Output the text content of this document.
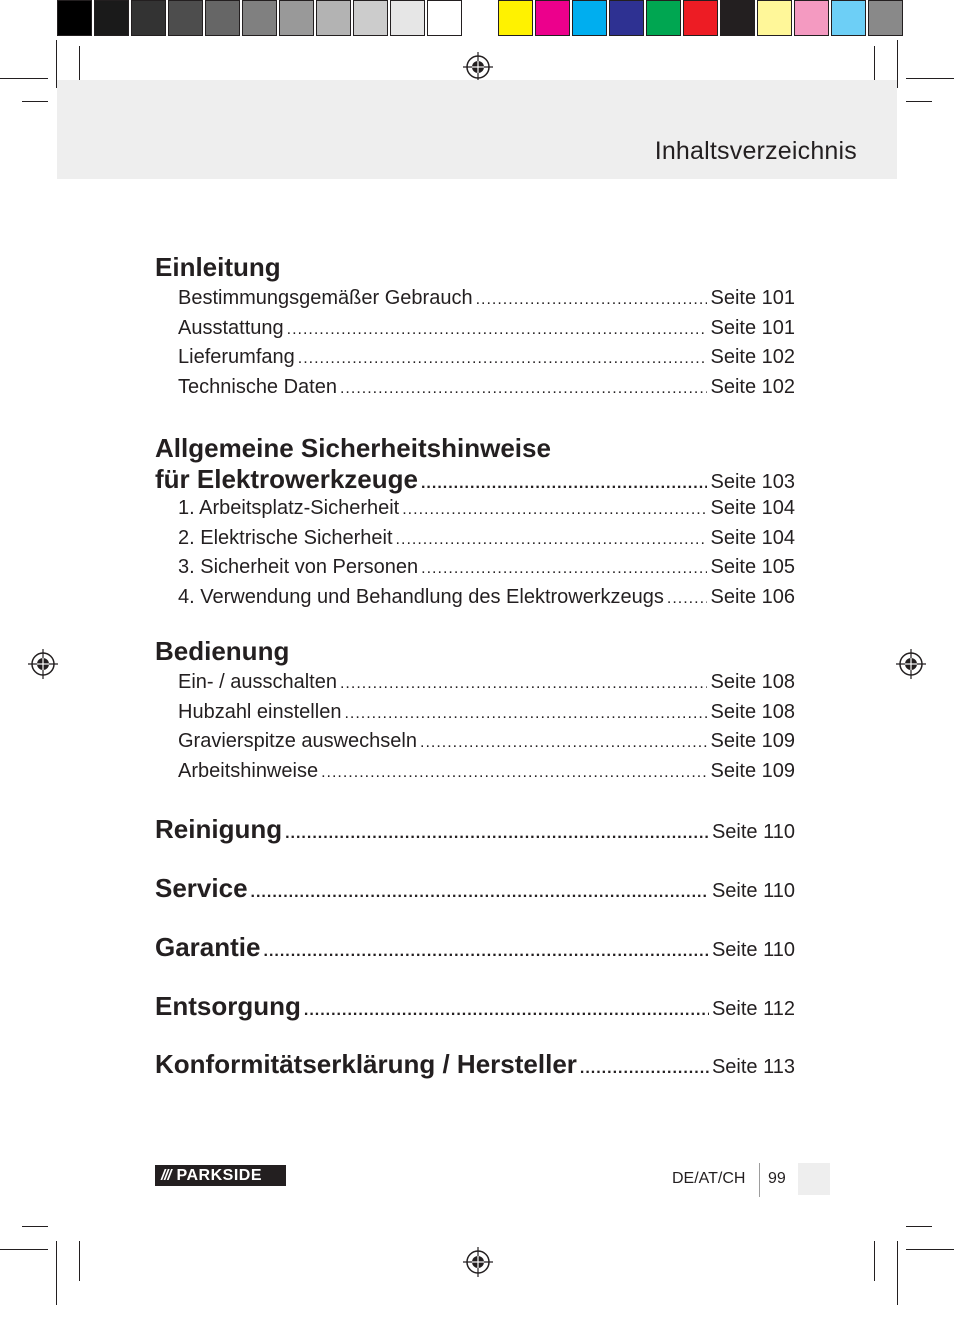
Inhaltsverzeichnis
Einleitung
Bestimmungsgemäßer Gebrauch .....	Seite 101
Ausstattung .....	Seite 101
Lieferumfang .....	Seite 102
Technische Daten .....	Seite 102
Allgemeine Sicherheitshinweise
für Elektrowerkzeuge .....	Seite 103
1. Arbeitsplatz-Sicherheit .....	Seite 104
2. Elektrische Sicherheit .....	Seite 104
3. Sicherheit von Personen .....	Seite 105
4. Verwendung und Behandlung des Elektrowerkzeugs ..... Seite 106
Bedienung
Ein- / ausschalten .....	Seite 108
Hubzahl einstellen .....	Seite 108
Gravierspitze auswechseln .....	Seite 109
Arbeitshinweise .....	Seite 109
Reinigung .....	Seite 110
Service .....	Seite 110
Garantie .....	Seite 110
Entsorgung .....	Seite 112
Konformitätserklärung / Hersteller .....	Seite 113
/// PARKSIDE	DE/AT/CH 99
